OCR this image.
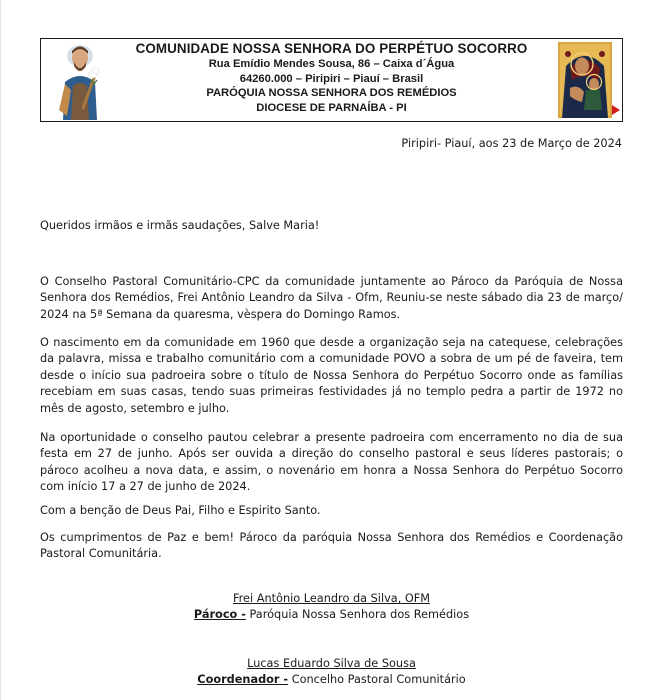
COMUNIDADE NOSSA SENHORA DO PERPÉTUO SOCORRO
Rua Emídio Mendes Sousa, 86 – Caixa d´Água
64260.000 – Piripiri – Piauí – Brasil
PARÓQUIA NOSSA SENHORA DOS REMÉDIOS
DIOCESE DE PARNAÍBA - PI
Piripiri- Piauí, aos 23 de Março de 2024
Queridos irmãos e irmãs saudações, Salve Maria!
O Conselho Pastoral Comunitário-CPC da comunidade juntamente ao Pároco da Paróquia de Nossa Senhora dos Remédios, Frei Antônio Leandro da Silva - Ofm, Reuniu-se neste sábado dia 23 de março/ 2024 na 5ª Semana da quaresma, vèspera do Domingo Ramos.
O nascimento em da comunidade em 1960 que desde a organização seja na catequese, celebrações da palavra, missa e trabalho comunitário com a comunidade POVO a sobra de um pé de faveira, tem desde o início sua padroeira sobre o título de Nossa Senhora do Perpétuo Socorro onde as famílias recebiam em suas casas, tendo suas primeiras festividades já no templo pedra a partir de 1972 no mês de agosto, setembro e julho.
Na oportunidade o conselho pautou celebrar a presente padroeira com encerramento no dia de sua festa em 27 de junho. Após ser ouvida a direção do conselho pastoral e seus líderes pastorais; o pároco acolheu a nova data, e assim, o novenário em honra a Nossa Senhora do Perpétuo Socorro com início 17 a 27 de junho de 2024.
Com a benção de Deus Pai, Filho e Espirito Santo.
Os cumprimentos de Paz e bem! Pároco da paróquia Nossa Senhora dos Remédios e Coordenação Pastoral Comunitária.
Frei Antônio Leandro da Silva, OFM
Pároco - Paróquia Nossa Senhora dos Remédios
Lucas Eduardo Silva de Sousa
Coordenador - Concelho Pastoral Comunitário
